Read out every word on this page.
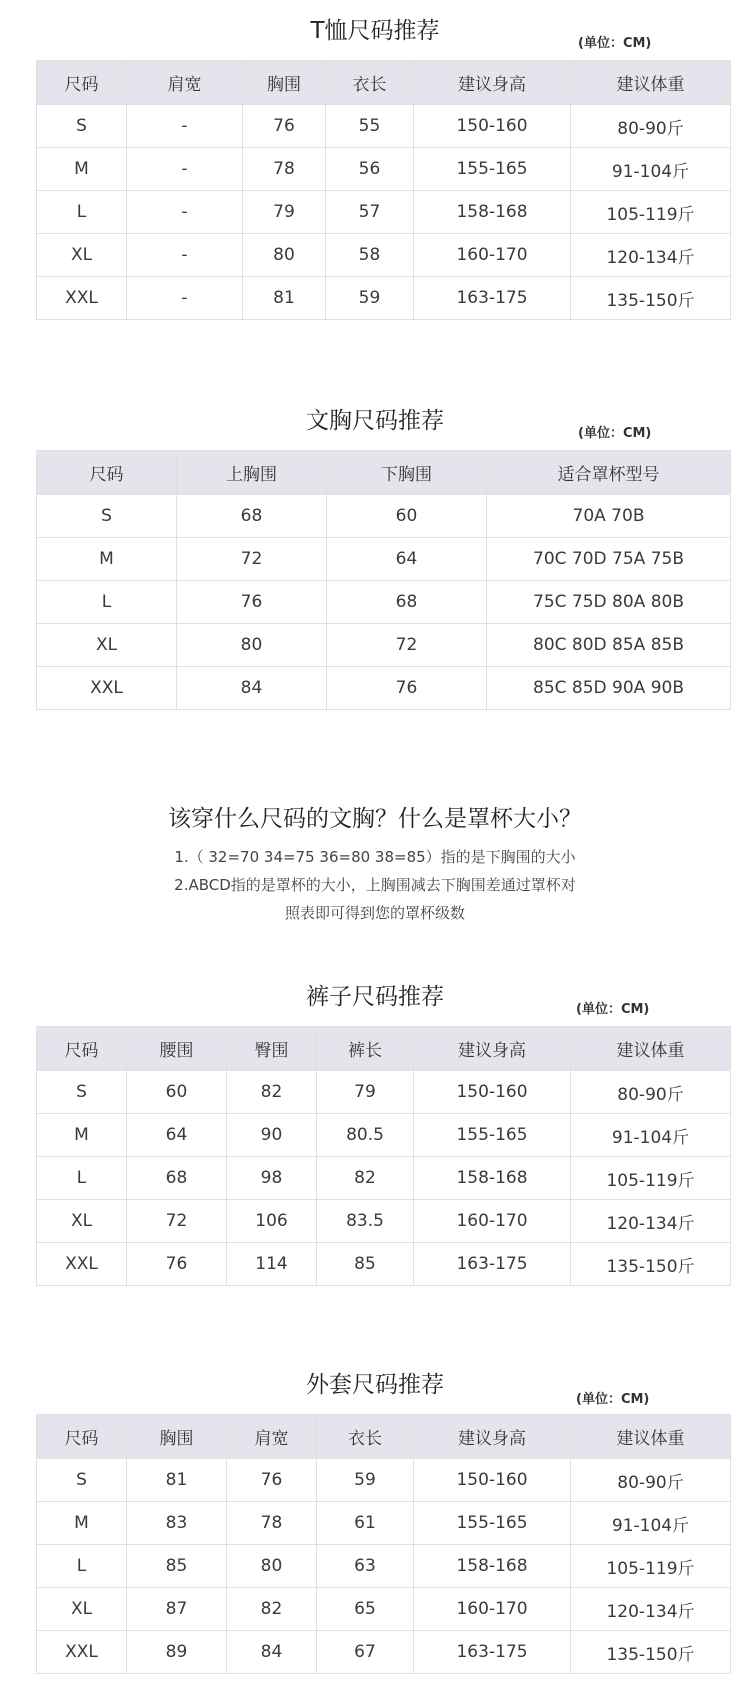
T恤尺码推荐	(单位：CM)
尺码	肩宽	胸围	衣长	建议身高	建议体重
S	-	76	55	150-160	80-90斤
M	-	78	56	155-165	91-104斤
L	-	79	57	158-168	105-119斤
XL	-	80	58	160-170	120-134斤
XXL	-	81	59	163-175	135-150斤
文胸尺码推荐	(单位：CM)
尺码	上胸围	下胸围	适合罩杯型号
S	68	60	70A 70B
M	72	64	70C 70D 75A 75B
L	76	68	75C 75D 80A 80B
XL	80	72	80C 80D 85A 85B
XXL	84	76	85C 85D 90A 90B
该穿什么尺码的文胸？什么是罩杯大小？
1.（ 32=70 34=75 36=80 38=85）指的是下胸围的大小
2.ABCD指的是罩杯的大小，上胸围减去下胸围差通过罩杯对
照表即可得到您的罩杯级数
裤子尺码推荐	(单位：CM)
尺码	腰围	臀围	裤长	建议身高	建议体重
S	60	82	79	150-160	80-90斤
M	64	90	80.5	155-165	91-104斤
L	68	98	82	158-168	105-119斤
XL	72	106	83.5	160-170	120-134斤
XXL	76	114	85	163-175	135-150斤
外套尺码推荐
(单位：CM)
尺码	胸围	肩宽	衣长	建议身高	建议体重
S	81	76	59	150-160	80-90斤
M	83	78	61	155-165	91-104斤
L	85	80	63	158-168	105-119斤
XL	87	82	65	160-170	120-134斤
XXL	89	84	67	163-175	135-150斤
